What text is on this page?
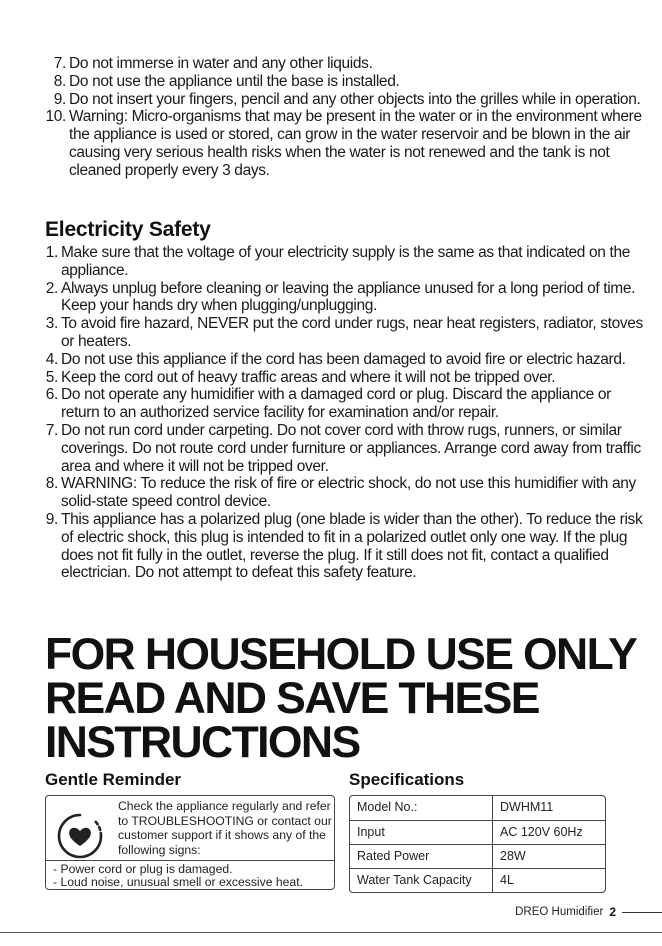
7. Do not immerse in water and any other liquids.
8. Do not use the appliance until the base is installed.
9. Do not insert your fingers, pencil and any other objects into the grilles while in operation.
10. Warning: Micro-organisms that may be present in the water or in the environment where the appliance is used or stored, can grow in the water reservoir and be blown in the air causing very serious health risks when the water is not renewed and the tank is not cleaned properly every 3 days.
Electricity Safety
1. Make sure that the voltage of your electricity supply is the same as that indicated on the appliance.
2. Always unplug before cleaning or leaving the appliance unused for a long period of time. Keep your hands dry when plugging/unplugging.
3. To avoid fire hazard, NEVER put the cord under rugs, near heat registers, radiator, stoves or heaters.
4. Do not use this appliance if the cord has been damaged to avoid fire or electric hazard.
5. Keep the cord out of heavy traffic areas and where it will not be tripped over.
6. Do not operate any humidifier with a damaged cord or plug. Discard the appliance or return to an authorized service facility for examination and/or repair.
7. Do not run cord under carpeting. Do not cover cord with throw rugs, runners, or similar coverings. Do not route cord under furniture or appliances. Arrange cord away from traffic area and where it will not be tripped over.
8. WARNING: To reduce the risk of fire or electric shock, do not use this humidifier with any solid-state speed control device.
9. This appliance has a polarized plug (one blade is wider than the other). To reduce the risk of electric shock, this plug is intended to fit in a polarized outlet only one way. If the plug does not fit fully in the outlet, reverse the plug. If it still does not fit, contact a qualified electrician. Do not attempt to defeat this safety feature.
FOR HOUSEHOLD USE ONLY
READ AND SAVE THESE
INSTRUCTIONS
Gentle Reminder	Specifications

Check the appliance regularly and refer to TROUBLESHOOTING or contact our customer support if it shows any of the following signs:

- Power cord or plug is damaged.
- Loud noise, unusual smell or excessive heat.
Model No.:	DWHM11
Input	AC 120V 60Hz
Rated Power	28W
Water Tank Capacity	4L
DREO Humidifier 2
